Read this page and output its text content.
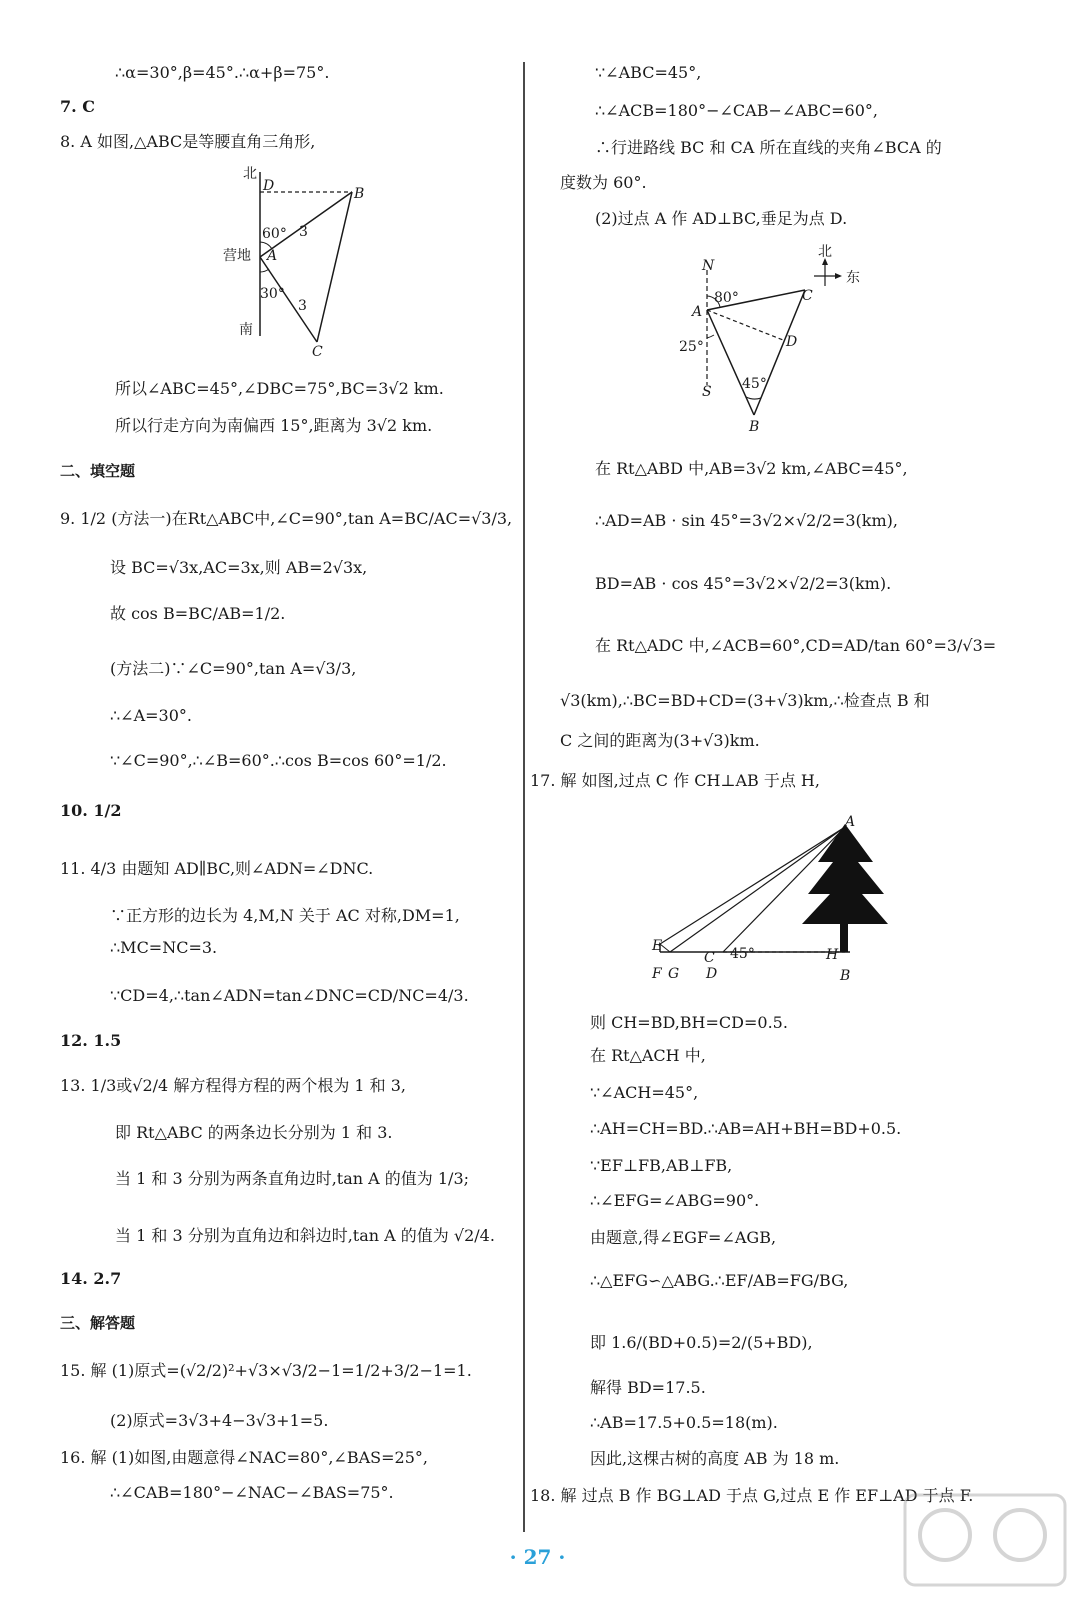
∴α=30°,β=45°.∴α+β=75°.
7. C
8. A 如图,△ABC是等腰直角三角形,
北
南
营地
D	B
A
C
60°
30°
3
3
所以∠ABC=45°,∠DBC=75°,BC=3√2 km.
所以行走方向为南偏西 15°,距离为 3√2 km.
二、填空题
9. 1/2 (方法一)在Rt△ABC中,∠C=90°,tan A=BC/AC=√3/3,
设 BC=√3x,AC=3x,则 AB=2√3x,
故 cos B=BC/AB=1/2.
(方法二)∵∠C=90°,tan A=√3/3,
∴∠A=30°.
∵∠C=90°,∴∠B=60°.∴cos B=cos 60°=1/2.
10. 1/2
11. 4/3 由题知 AD∥BC,则∠ADN=∠DNC.
∵正方形的边长为 4,M,N 关于 AC 对称,DM=1,
∴MC=NC=3.
∵CD=4,∴tan∠ADN=tan∠DNC=CD/NC=4/3.
12. 1.5
13. 1/3或√2/4 解方程得方程的两个根为 1 和 3,
即 Rt△ABC 的两条边长分别为 1 和 3.
当 1 和 3 分别为两条直角边时,tan A 的值为 1/3;
当 1 和 3 分别为直角边和斜边时,tan A 的值为 √2/4.
14. 2.7
三、解答题
15. 解 (1)原式=(√2/2)²+√3×√3/2−1=1/2+3/2−1=1.
(2)原式=3√3+4−3√3+1=5.
16. 解 (1)如图,由题意得∠NAC=80°,∠BAS=25°,
∴∠CAB=180°−∠NAC−∠BAS=75°.
∵∠ABC=45°,
∴∠ACB=180°−∠CAB−∠ABC=60°,
∴行进路线 BC 和 CA 所在直线的夹角∠BCA 的
度数为 60°.
(2)过点 A 作 AD⊥BC,垂足为点 D.
北
东
N
S
A
C
D
B
80°
25°
45°
在 Rt△ABD 中,AB=3√2 km,∠ABC=45°,
∴AD=AB · sin 45°=3√2×√2/2=3(km),
BD=AB · cos 45°=3√2×√2/2=3(km).
在 Rt△ADC 中,∠ACB=60°,CD=AD/tan 60°=3/√3=
√3(km),∴BC=BD+CD=(3+√3)km,∴检查点 B 和
C 之间的距离为(3+√3)km.
17. 解 如图,过点 C 作 CH⊥AB 于点 H,
A
B
C
D
E
F G
H
45°
则 CH=BD,BH=CD=0.5.
在 Rt△ACH 中,
∵∠ACH=45°,
∴AH=CH=BD.∴AB=AH+BH=BD+0.5.
∵EF⊥FB,AB⊥FB,
∴∠EFG=∠ABG=90°.
由题意,得∠EGF=∠AGB,
∴△EFG∽△ABG.∴EF/AB=FG/BG,
即 1.6/(BD+0.5)=2/(5+BD),
解得 BD=17.5.
∴AB=17.5+0.5=18(m).
因此,这棵古树的高度 AB 为 18 m.
18. 解 过点 B 作 BG⊥AD 于点 G,过点 E 作 EF⊥AD 于点 F.
· 27 ·
